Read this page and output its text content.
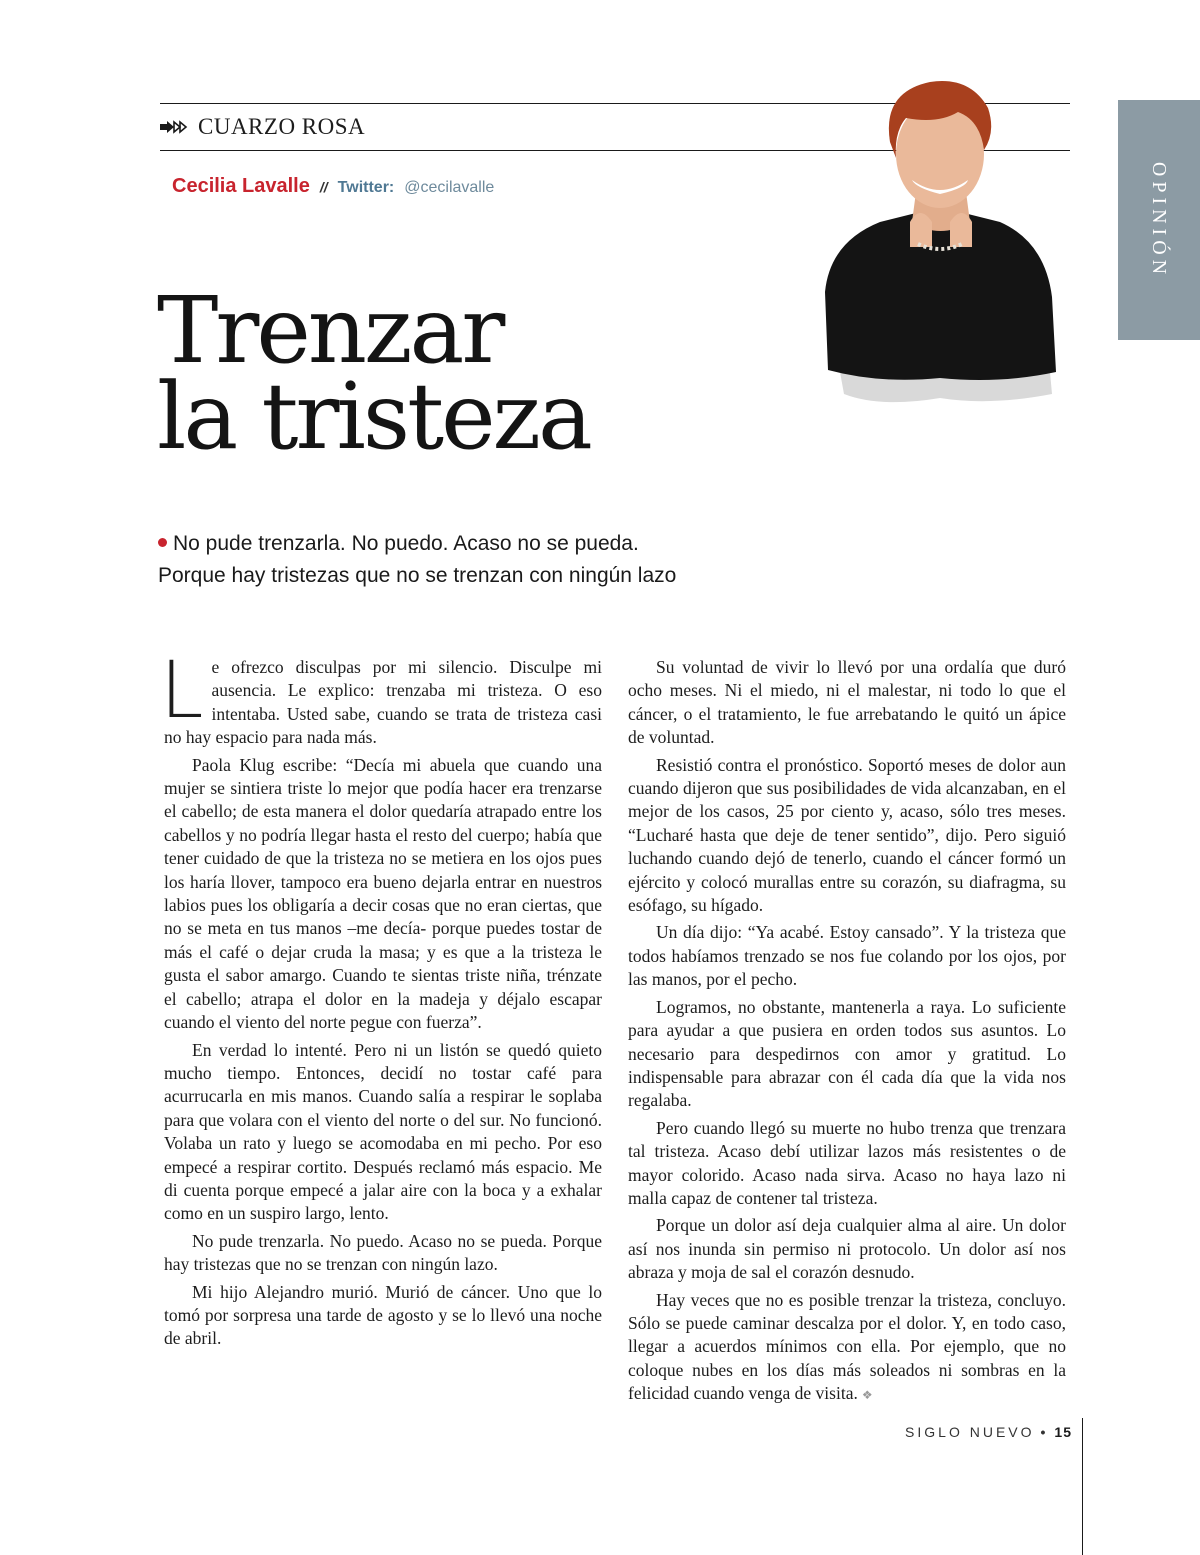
CUARZO ROSA
Cecilia Lavalle // Twitter: @cecilavalle	OPINIÓN
Trenzar
la tristeza
No pude trenzarla. No puedo. Acaso no se pueda.
Porque hay tristezas que no se trenzan con ningún lazo

Le ofrezco disculpas por mi silencio. Disculpe mi ausencia. Le explico: trenzaba mi tristeza. O eso intentaba. Usted sabe, cuando se trata de tristeza casi no hay espacio para nada más.

Paola Klug escribe: “Decía mi abuela que cuando una mujer se sintiera triste lo mejor que podía hacer era trenzarse el cabello; de esta manera el dolor quedaría atrapado entre los cabellos y no podría llegar hasta el resto del cuerpo; había que tener cuidado de que la tristeza no se metiera en los ojos pues los haría llover, tampoco era bueno dejarla entrar en nuestros labios pues los obligaría a decir cosas que no eran ciertas, que no se meta en tus manos –me decía- porque puedes tostar de más el café o dejar cruda la masa; y es que a la tristeza le gusta el sabor amargo. Cuando te sientas triste niña, trénzate el cabello; atrapa el dolor en la madeja y déjalo escapar cuando el viento del norte pegue con fuerza”.

En verdad lo intenté. Pero ni un listón se quedó quieto mucho tiempo. Entonces, decidí no tostar café para acurrucarla en mis manos. Cuando salía a respirar le soplaba para que volara con el viento del norte o del sur. No funcionó. Volaba un rato y luego se acomodaba en mi pecho. Por eso empecé a respirar cortito. Después reclamó más espacio. Me di cuenta porque empecé a jalar aire con la boca y a exhalar como en un suspiro largo, lento.

No pude trenzarla. No puedo. Acaso no se pueda. Porque hay tristezas que no se trenzan con ningún lazo.

Mi hijo Alejandro murió. Murió de cáncer. Uno que lo tomó por sorpresa una tarde de agosto y se lo llevó una noche de abril.

Su voluntad de vivir lo llevó por una ordalía que duró ocho meses. Ni el miedo, ni el malestar, ni todo lo que el cáncer, o el tratamiento, le fue arrebatando le quitó un ápice de voluntad.

Resistió contra el pronóstico. Soportó meses de dolor aun cuando dijeron que sus posibilidades de vida alcanzaban, en el mejor de los casos, 25 por ciento y, acaso, sólo tres meses. “Lucharé hasta que deje de tener sentido”, dijo. Pero siguió luchando cuando dejó de tenerlo, cuando el cáncer formó un ejército y colocó murallas entre su corazón, su diafragma, su esófago, su hígado.

Un día dijo: “Ya acabé. Estoy cansado”. Y la tristeza que todos habíamos trenzado se nos fue colando por los ojos, por las manos, por el pecho.

Logramos, no obstante, mantenerla a raya. Lo suficiente para ayudar a que pusiera en orden todos sus asuntos. Lo necesario para despedirnos con amor y gratitud. Lo indispensable para abrazar con él cada día que la vida nos regalaba.

Pero cuando llegó su muerte no hubo trenza que trenzara tal tristeza. Acaso debí utilizar lazos más resistentes o de mayor colorido. Acaso nada sirva. Acaso no haya lazo ni malla capaz de contener tal tristeza.

Porque un dolor así deja cualquier alma al aire. Un dolor así nos inunda sin permiso ni protocolo. Un dolor así nos abraza y moja de sal el corazón desnudo.

Hay veces que no es posible trenzar la tristeza, concluyo. Sólo se puede caminar descalza por el dolor. Y, en todo caso, llegar a acuerdos mínimos con ella. Por ejemplo, que no coloque nubes en los días más soleados ni sombras en la felicidad cuando venga de visita. ❖

SIGLO NUEVO • 15
